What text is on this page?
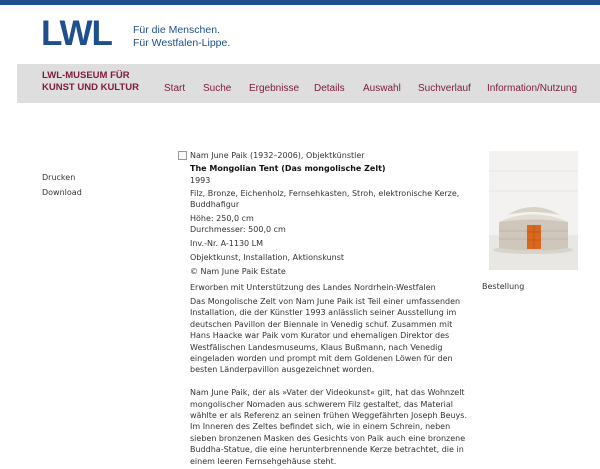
LWL Für die Menschen.
Für Westfalen-Lippe.
LWL-MUSEUM FÜR
KUNST UND KULTUR	Start Suche Ergebnisse Details Auswahl Suchverlauf Information/Nutzung
Drucken
Download
Nam June Paik (1932–2006), Objektkünstler
The Mongolian Tent (Das mongolische Zelt)
1993
Filz, Bronze, Eichenholz, Fernsehkasten, Stroh, elektronische Kerze,
Buddhafigur
Höhe: 250,0 cm
Durchmesser: 500,0 cm
Inv.-Nr. A-1130 LM
Objektkunst, Installation, Aktionskunst
© Nam June Paik Estate
Erworben mit Unterstützung des Landes Nordrhein-Westfalen

Das Mongolische Zelt von Nam June Paik ist Teil einer umfassenden Installation, die der Künstler 1993 anlässlich seiner Ausstellung im deutschen Pavillon der Biennale in Venedig schuf. Zusammen mit Hans Haacke war Paik vom Kurator und ehemaligen Direktor des Westfälischen Landesmuseums, Klaus Bußmann, nach Venedig eingeladen worden und prompt mit dem Goldenen Löwen für den besten Länderpavillon ausgezeichnet worden.

Nam June Paik, der als »Vater der Videokunst« gilt, hat das Wohnzelt mongolischer Nomaden aus schwerem Filz gestaltet, das Material wählte er als Referenz an seinen frühen Weggefährten Joseph Beuys. Im Inneren des Zeltes befindet sich, wie in einem Schrein, neben sieben bronzenen Masken des Gesichts von Paik auch eine bronzene Buddha-Statue, die eine herunterbrennende Kerze betrachtet, die in einem leeren Fernsehgehäuse steht.

Bestellung
